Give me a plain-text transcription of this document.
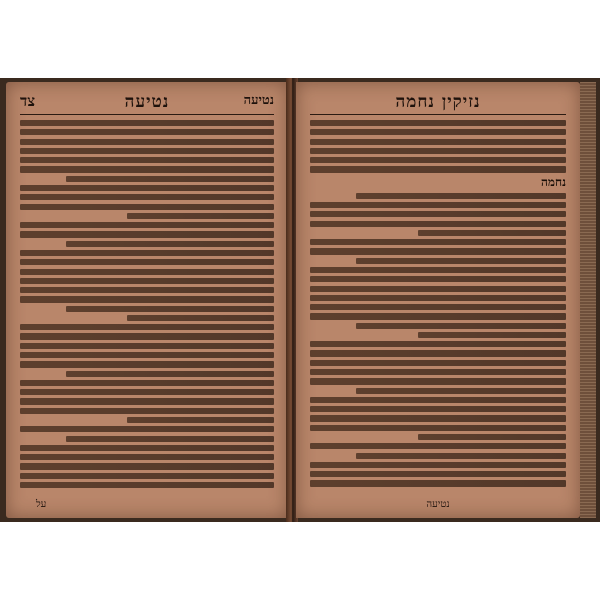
צד	נטיעה	נטיעה
על
נזיקין נחמה
נחמה
נטיעה
